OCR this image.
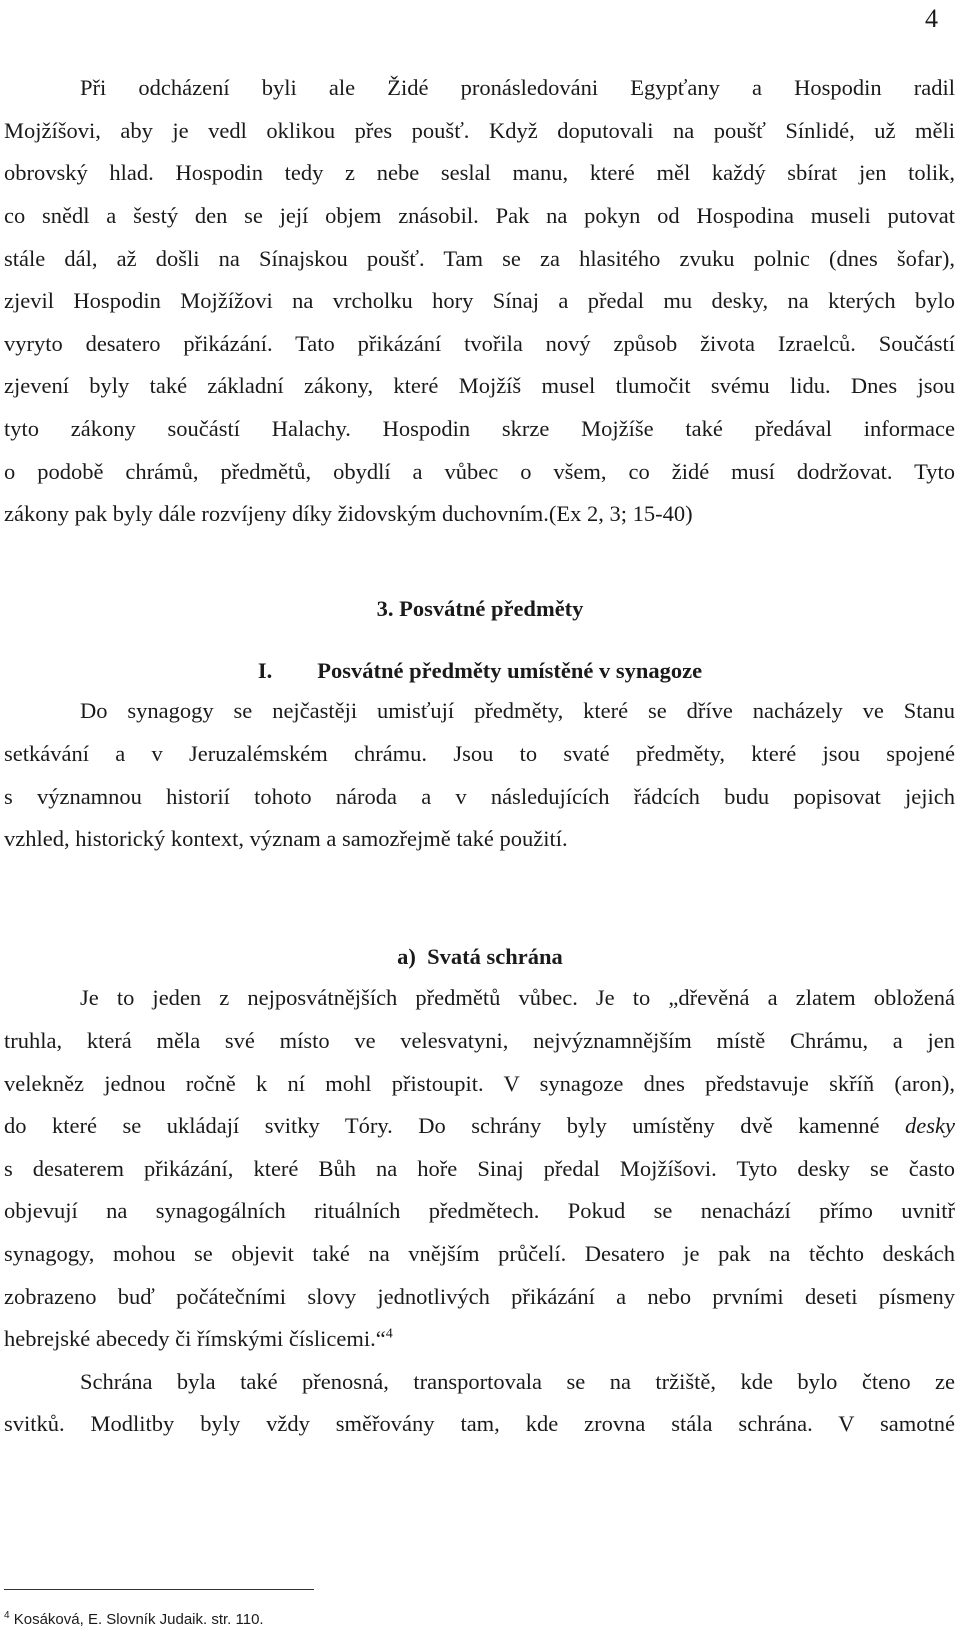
4

Při odcházení byli ale Židé pronásledováni Egypťany a Hospodin radil

Mojžíšovi, aby je vedl oklikou přes poušť. Když doputovali na poušť Sínlidé, už měli

obrovský hlad. Hospodin tedy z nebe seslal manu, které měl každý sbírat jen tolik,

co snědl a šestý den se její objem znásobil. Pak na pokyn od Hospodina museli putovat

stále dál, až došli na Sínajskou poušť. Tam se za hlasitého zvuku polnic (dnes šofar),

zjevil Hospodin Mojžížovi na vrcholku hory Sínaj a předal mu desky, na kterých bylo

vyryto desatero přikázání. Tato přikázání tvořila nový způsob života Izraelců. Součástí

zjevení byly také základní zákony, které Mojžíš musel tlumočit svému lidu. Dnes jsou

tyto zákony součástí Halachy. Hospodin skrze Mojžíše také předával informace

o podobě chrámů, předmětů, obydlí a vůbec o všem, co židé musí dodržovat. Tyto

zákony pak byly dále rozvíjeny díky židovským duchovním.(Ex 2, 3; 15-40)

3. Posvátné předměty
I.        Posvátné předměty umístěné v synagoze

Do synagogy se nejčastěji umisťují předměty, které se dříve nacházely ve Stanu

setkávání a v Jeruzalémském chrámu. Jsou to svaté předměty, které jsou spojené

s významnou historií tohoto národa a v následujících řádcích budu popisovat jejich

vzhled, historický kontext, význam a samozřejmě také použití.

a)  Svatá schrána

Je to jeden z nejposvátnějších předmětů vůbec. Je to „dřevěná a zlatem obložená

truhla, která měla své místo ve velesvatyni, nejvýznamnějším místě Chrámu, a jen

velekněz jednou ročně k ní mohl přistoupit. V synagoze dnes představuje skříň (aron),

do které se ukládají svitky Tóry. Do schrány byly umístěny dvě kamenné desky

s desaterem přikázání, které Bůh na hoře Sinaj předal Mojžíšovi. Tyto desky se často

objevují na synagogálních rituálních předmětech. Pokud se nenachází přímo uvnitř

synagogy, mohou se objevit také na vnějším průčelí. Desatero je pak na těchto deskách

zobrazeno buď počátečními slovy jednotlivých přikázání a nebo prvními deseti písmeny

hebrejské abecedy či římskými číslicemi.“$^4$

Schrána byla také přenosná, transportovala se na tržiště, kde bylo čteno ze

svitků. Modlitby byly vždy směřovány tam, kde zrovna stála schrána. V samotné

$^4$ Kosáková, E. Slovník Judaik. str. 110.
